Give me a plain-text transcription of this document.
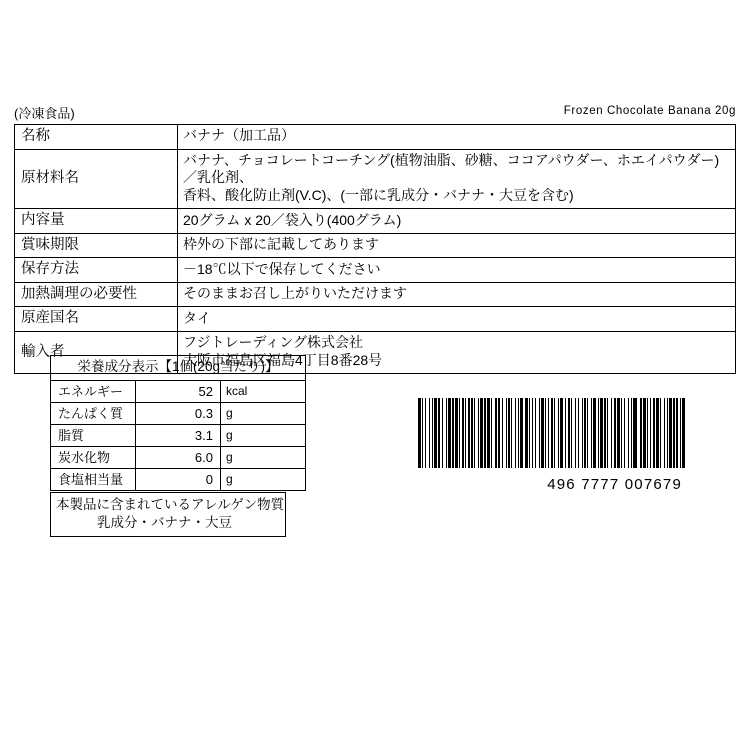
(冷凍食品)	Frozen Chocolate Banana 20g
名称	バナナ（加工品）

原材料名	バナナ、チョコレートコーチング(植物油脂、砂糖、ココアパウダー、ホエイパウダー)／乳化剤、
香料、酸化防止剤(V.C)、(一部に乳成分・バナナ・大豆を含む)

内容量	20グラム x 20／袋入り(400グラム)

賞味期限	枠外の下部に記載してあります

保存方法	－18℃以下で保存してください

加熱調理の必要性	そのままお召し上がりいただけます

原産国名	タイ

輸入者	フジトレーディング株式会社
大阪市福島区福島4丁目8番28号
栄養成分表示【1個(20g当たり)】		
エネルギー	52	kcal
たんぱく質	0.3	g
脂質	3.1	g
炭水化物	6.0	g
食塩相当量	0	g
本製品に含まれているアレルゲン物質
乳成分・バナナ・大豆
496 7777 007679
